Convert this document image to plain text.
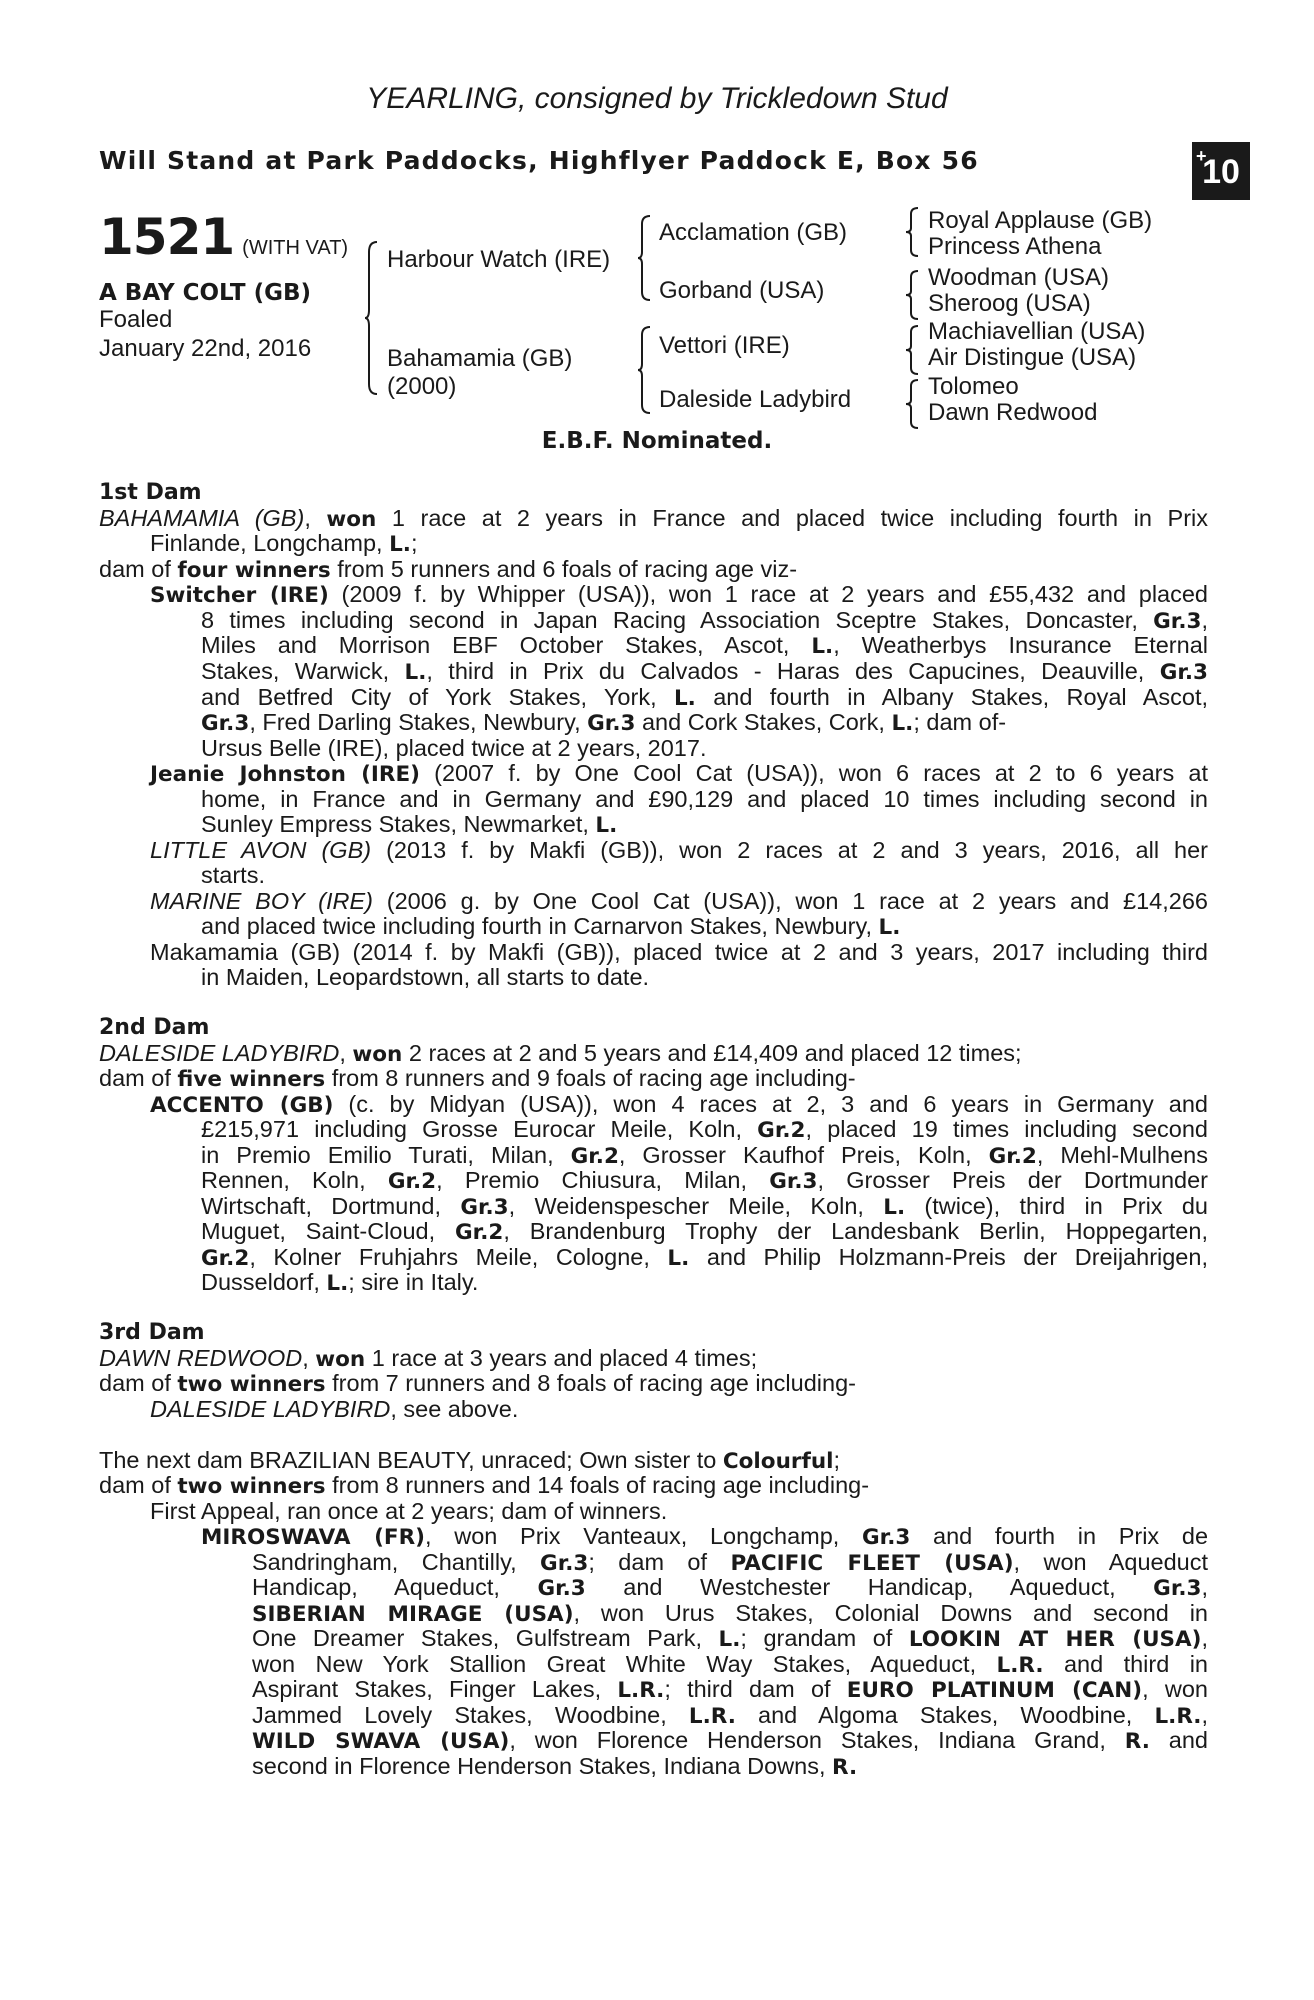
YEARLING, consigned by Trickledown Stud
Will Stand at Park Paddocks, Highflyer Paddock E, Box 56	+
10
1521 (WITH VAT)
A BAY COLT (GB)
Foaled
January 22nd, 2016
Harbour Watch (IRE)
Bahamamia (GB)
(2000)
Acclamation (GB)
Gorband (USA)
Vettori (IRE)
Daleside Ladybird
Royal Applause (GB)
Princess Athena
Woodman (USA)
Sheroog (USA)
Machiavellian (USA)
Air Distingue (USA)
Tolomeo
Dawn Redwood
E.B.F. Nominated.
1st Dam
BAHAMAMIA (GB), won 1 race at 2 years in France and placed twice including fourth in Prix
Finlande, Longchamp, L.;
dam of four winners from 5 runners and 6 foals of racing age viz-
Switcher (IRE) (2009 f. by Whipper (USA)), won 1 race at 2 years and £55,432 and placed
8 times including second in Japan Racing Association Sceptre Stakes, Doncaster, Gr.3,
Miles and Morrison EBF October Stakes, Ascot, L., Weatherbys Insurance Eternal
Stakes, Warwick, L., third in Prix du Calvados - Haras des Capucines, Deauville, Gr.3
and Betfred City of York Stakes, York, L. and fourth in Albany Stakes, Royal Ascot,
Gr.3, Fred Darling Stakes, Newbury, Gr.3 and Cork Stakes, Cork, L.; dam of-
Ursus Belle (IRE), placed twice at 2 years, 2017.
Jeanie Johnston (IRE) (2007 f. by One Cool Cat (USA)), won 6 races at 2 to 6 years at
home, in France and in Germany and £90,129 and placed 10 times including second in
Sunley Empress Stakes, Newmarket, L.
LITTLE AVON (GB) (2013 f. by Makfi (GB)), won 2 races at 2 and 3 years, 2016, all her
starts.
MARINE BOY (IRE) (2006 g. by One Cool Cat (USA)), won 1 race at 2 years and £14,266
and placed twice including fourth in Carnarvon Stakes, Newbury, L.
Makamamia (GB) (2014 f. by Makfi (GB)), placed twice at 2 and 3 years, 2017 including third
in Maiden, Leopardstown, all starts to date.
2nd Dam
DALESIDE LADYBIRD, won 2 races at 2 and 5 years and £14,409 and placed 12 times;
dam of five winners from 8 runners and 9 foals of racing age including-
ACCENTO (GB) (c. by Midyan (USA)), won 4 races at 2, 3 and 6 years in Germany and
£215,971 including Grosse Eurocar Meile, Koln, Gr.2, placed 19 times including second
in Premio Emilio Turati, Milan, Gr.2, Grosser Kaufhof Preis, Koln, Gr.2, Mehl-Mulhens
Rennen, Koln, Gr.2, Premio Chiusura, Milan, Gr.3, Grosser Preis der Dortmunder
Wirtschaft, Dortmund, Gr.3, Weidenspescher Meile, Koln, L. (twice), third in Prix du
Muguet, Saint-Cloud, Gr.2, Brandenburg Trophy der Landesbank Berlin, Hoppegarten,
Gr.2, Kolner Fruhjahrs Meile, Cologne, L. and Philip Holzmann-Preis der Dreijahrigen,
Dusseldorf, L.; sire in Italy.
3rd Dam
DAWN REDWOOD, won 1 race at 3 years and placed 4 times;
dam of two winners from 7 runners and 8 foals of racing age including-
DALESIDE LADYBIRD, see above.
The next dam BRAZILIAN BEAUTY, unraced; Own sister to Colourful;
dam of two winners from 8 runners and 14 foals of racing age including-
First Appeal, ran once at 2 years; dam of winners.
MIROSWAVA (FR), won Prix Vanteaux, Longchamp, Gr.3 and fourth in Prix de
Sandringham, Chantilly, Gr.3; dam of PACIFIC FLEET (USA), won Aqueduct
Handicap, Aqueduct, Gr.3 and Westchester Handicap, Aqueduct, Gr.3,
SIBERIAN MIRAGE (USA), won Urus Stakes, Colonial Downs and second in
One Dreamer Stakes, Gulfstream Park, L.; grandam of LOOKIN AT HER (USA),
won New York Stallion Great White Way Stakes, Aqueduct, L.R. and third in
Aspirant Stakes, Finger Lakes, L.R.; third dam of EURO PLATINUM (CAN), won
Jammed Lovely Stakes, Woodbine, L.R. and Algoma Stakes, Woodbine, L.R.,
WILD SWAVA (USA), won Florence Henderson Stakes, Indiana Grand, R. and
second in Florence Henderson Stakes, Indiana Downs, R.
